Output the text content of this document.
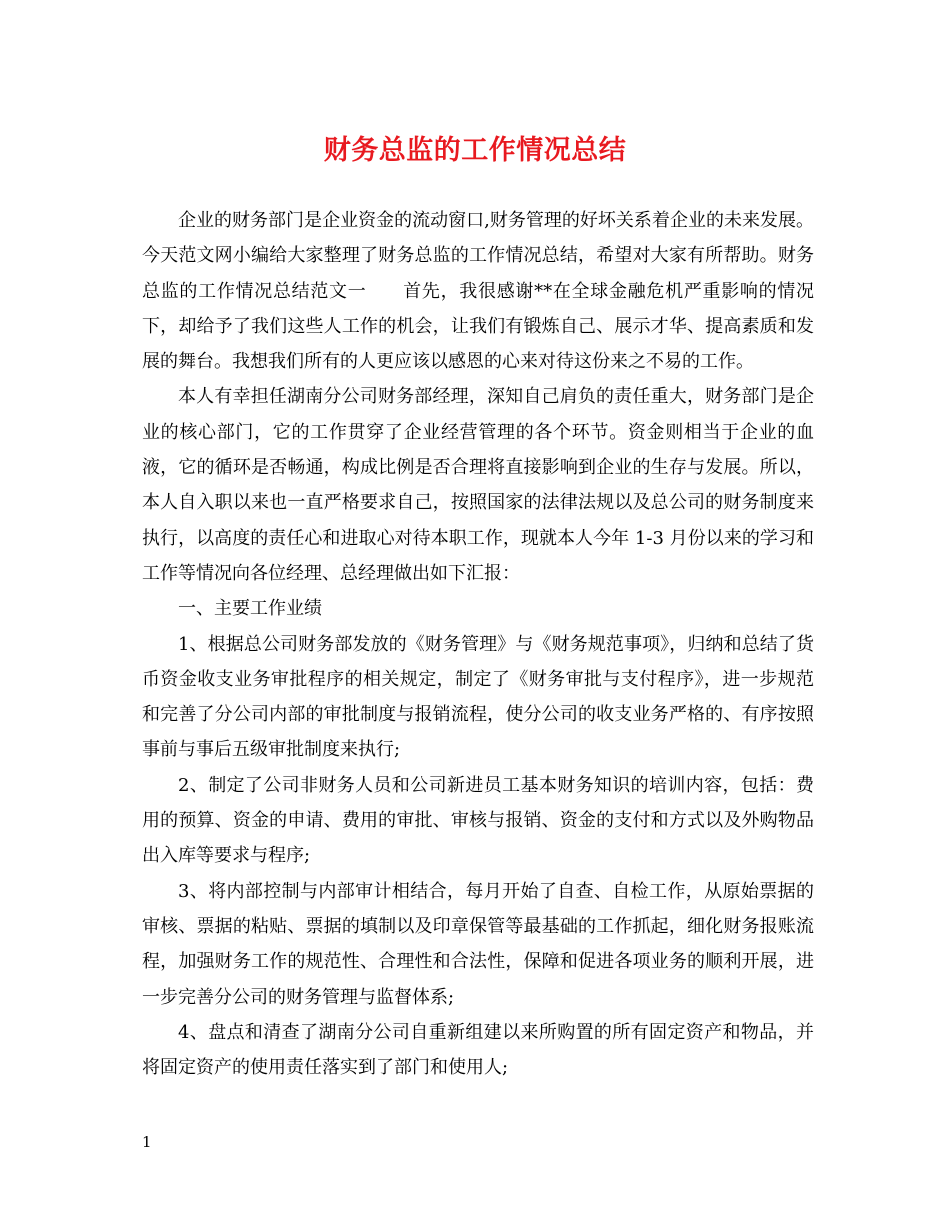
财务总监的工作情况总结

企业的财务部门是企业资金的流动窗口,财务管理的好坏关系着企业的未来发展。今天范文网小编给大家整理了财务总监的工作情况总结，希望对大家有所帮助。财务总监的工作情况总结范文一 首先，我很感谢**在全球金融危机严重影响的情况下，却给予了我们这些人工作的机会，让我们有锻炼自己、展示才华、提高素质和发展的舞台。我想我们所有的人更应该以感恩的心来对待这份来之不易的工作。

本人有幸担任湖南分公司财务部经理，深知自己肩负的责任重大，财务部门是企业的核心部门，它的工作贯穿了企业经营管理的各个环节。资金则相当于企业的血液，它的循环是否畅通，构成比例是否合理将直接影响到企业的生存与发展。所以，本人自入职以来也一直严格要求自己，按照国家的法律法规以及总公司的财务制度来执行，以高度的责任心和进取心对待本职工作，现就本人今年 1-3 月份以来的学习和工作等情况向各位经理、总经理做出如下汇报：

一、主要工作业绩

1、根据总公司财务部发放的《财务管理》与《财务规范事项》，归纳和总结了货币资金收支业务审批程序的相关规定，制定了《财务审批与支付程序》，进一步规范和完善了分公司内部的审批制度与报销流程，使分公司的收支业务严格的、有序按照事前与事后五级审批制度来执行;

2、制定了公司非财务人员和公司新进员工基本财务知识的培训内容，包括：费用的预算、资金的申请、费用的审批、审核与报销、资金的支付和方式以及外购物品出入库等要求与程序;

3、将内部控制与内部审计相结合，每月开始了自查、自检工作，从原始票据的审核、票据的粘贴、票据的填制以及印章保管等最基础的工作抓起，细化财务报账流程，加强财务工作的规范性、合理性和合法性，保障和促进各项业务的顺利开展，进一步完善分公司的财务管理与监督体系;

4、盘点和清查了湖南分公司自重新组建以来所购置的所有固定资产和物品，并将固定资产的使用责任落实到了部门和使用人;

1
